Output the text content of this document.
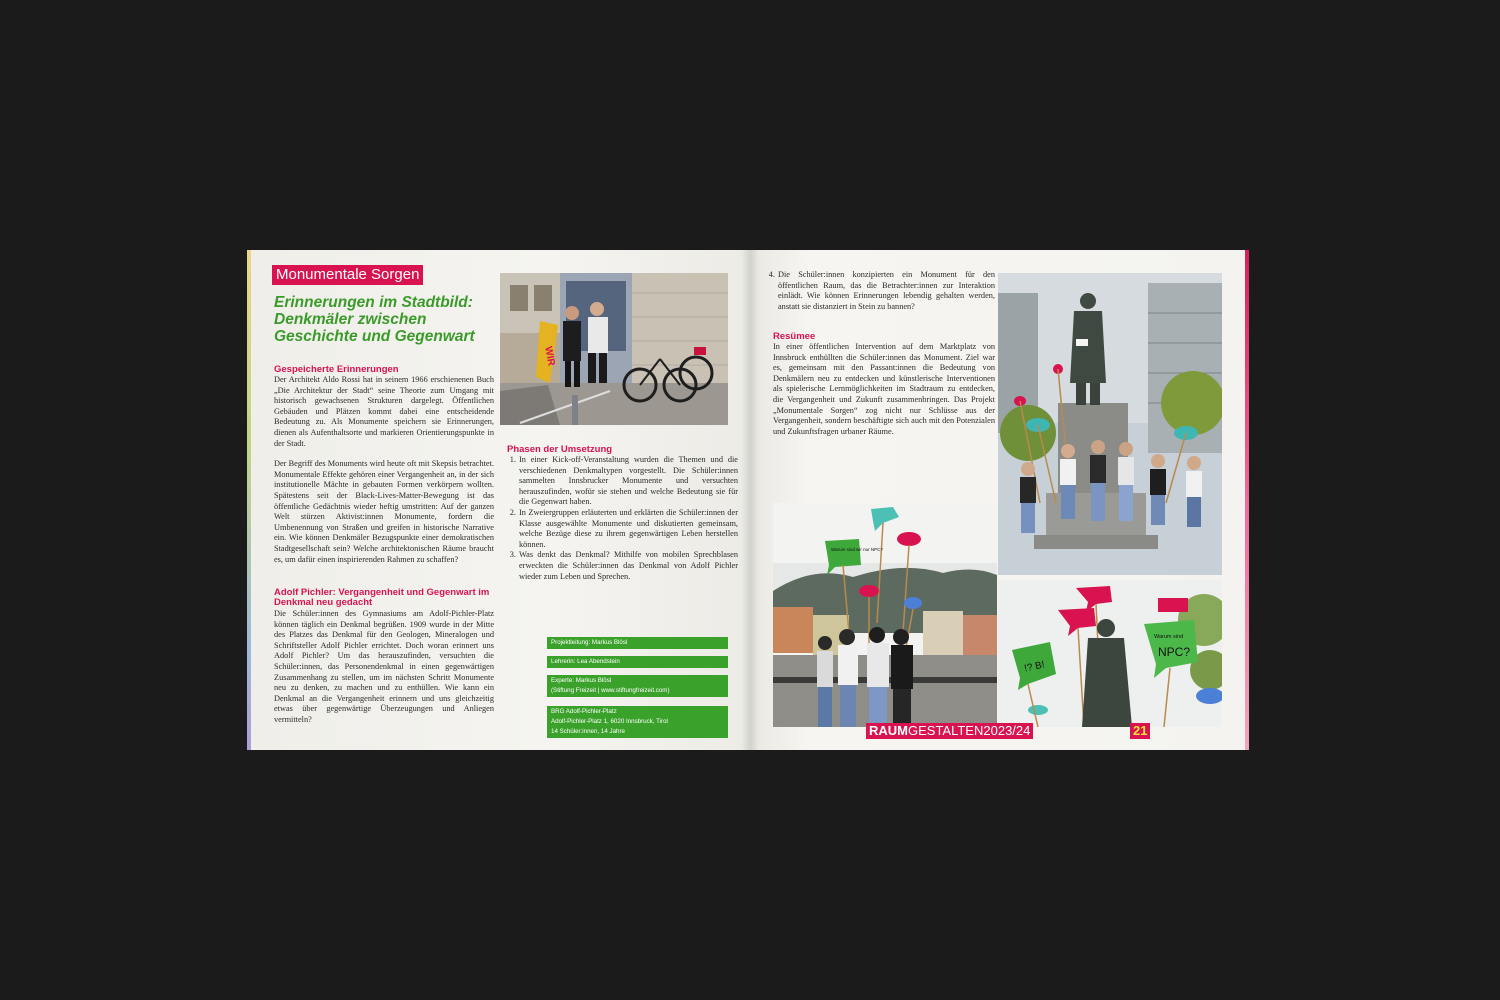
Monumentale Sorgen
Erinnerungen im Stadtbild: Denkmäler zwischen Geschichte und Gegenwart
Gespeicherte Erinnerungen

Der Architekt Aldo Rossi hat in seinem 1966 erschienenen Buch „Die Architektur der Stadt“ seine Theorie zum Umgang mit historisch gewachsenen Strukturen dargelegt. Öffentlichen Gebäuden und Plätzen kommt dabei eine entscheidende Bedeutung zu. Als Monumente speichern sie Erinnerungen, dienen als Aufenthaltsorte und markieren Orientierungspunkte in der Stadt.

Der Begriff des Monuments wird heute oft mit Skepsis betrachtet. Monumentale Effekte gehören einer Vergangenheit an, in der sich institutionelle Mächte in gebauten Formen verkörpern wollten. Spätestens seit der Black-Lives-Matter-Bewegung ist das öffentliche Gedächtnis wieder heftig umstritten: Auf der ganzen Welt stürzen Aktivist:innen Monumente, fordern die Umbenennung von Straßen und greifen in historische Narrative ein. Wie können Denkmäler Bezugspunkte einer demokratischen Stadtgesellschaft sein? Welche architektonischen Räume braucht es, um dafür einen inspirierenden Rahmen zu schaffen?

Adolf Pichler: Vergangenheit und Gegenwart im Denkmal neu gedacht

Die Schüler:innen des Gymnasiums am Adolf-Pichler-Platz können täglich ein Denkmal begrüßen. 1909 wurde in der Mitte des Platzes das Denkmal für den Geologen, Mineralogen und Schriftsteller Adolf Pichler errichtet. Doch woran erinnert uns Adolf Pichler? Um das herauszufinden, versuchten die Schüler:innen, das Personendenkmal in einen gegenwärtigen Zusammenhang zu stellen, um im nächsten Schritt Monumente neu zu denken, zu machen und zu enthüllen. Wie kann ein Denkmal an die Vergangenheit erinnern und uns gleichzeitig etwas über gegenwärtige Überzeugungen und Anliegen vermitteln?

WIR
Phasen der Umsetzung
1. In einer Kick-off-Veranstaltung wurden die Themen und die verschiedenen Denkmaltypen vorgestellt. Die Schüler:innen sammelten Innsbrucker Monumente und versuchten herauszufinden, wofür sie stehen und welche Bedeutung sie für die Gegenwart haben.
2. In Zweiergruppen erläuterten und erklärten die Schüler:innen der Klasse ausgewählte Monumente und diskutierten gemeinsam, welche Bezüge diese zu ihrem gegenwärtigen Leben herstellen können.
3. Was denkt das Denkmal? Mithilfe von mobilen Sprechblasen erweckten die Schüler:innen das Denkmal von Adolf Pichler wieder zum Leben und Sprechen.
Projektleitung: Markus Blösl
Lehrerin: Lea Abendstein
Experte: Markus Blösl
(Stiftung Freizeit | www.stiftungfreizeit.com)
BRG Adolf-Pichler-Platz
Adolf-Pichler-Platz 1, 6020 Innsbruck, Tirol
14 Schüler:innen, 14 Jahre
4. Die Schüler:innen konzipierten ein Monument für den öffentlichen Raum, das die Betrachter:innen zur Interaktion einlädt. Wie können Erinnerungen lebendig gehalten werden, anstatt sie distanziert in Stein zu bannen?
Resümee

In einer öffentlichen Intervention auf dem Marktplatz von Innsbruck enthüllten die Schüler:innen das Monument. Ziel war es, gemeinsam mit den Passant:innen die Bedeutung von Denkmälern neu zu entdecken und künstlerische Interventionen als spielerische Lernmöglichkeiten im Stadtraum zu entdecken, die Vergangenheit und Zukunft zusammenbringen. Das Projekt „Monumentale Sorgen“ zog nicht nur Schlüsse aus der Vergangenheit, sondern beschäftigte sich auch mit den Potenzialen und Zukunftsfragen urbaner Räume.

Warum sind wir nur NPC?
!? B!
Warum sind
NPC?
RAUMGESTALTEN2023/24	21
